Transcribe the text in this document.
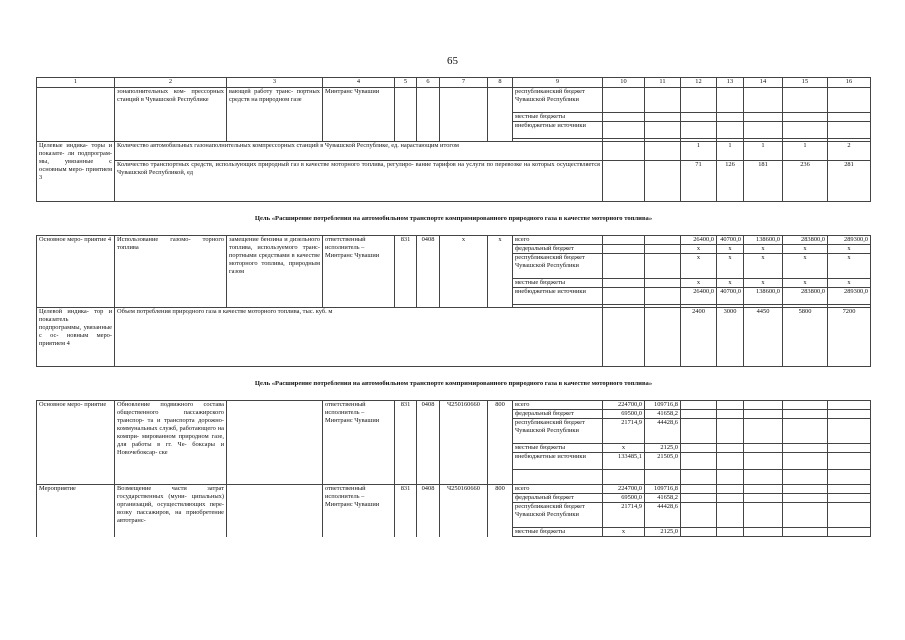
65
1	2	3	4	5	6	7	8	9	10	11	12	13	14	15	16
	зонаполнительных ком- прессорных станций в Чувашской Республике	вающей работу транс- портных средств на природном газе	Минтранс Чувашии					республиканский бюджет Чувашской Республики							
								местные бюджеты							
								внебюджетные источники							

Целевые индика- торы и показате- ли подпрограм- мы, увязанные с основным меро- приятием 3	Количество автомобильных газонаполнительных компрессорных станций в Чувашской Республике, ед. нарастающим итогом										1	1	1	1	2
	Количество транспортных средств, использующих природный газ в качестве моторного топлива, регулиро- вание тарифов на услуги по перевозке на которых осуществляется Чувашской Республикой, ед										71	126	181	236	281

Цель «Расширение потребления на автомобильном транспорте компримированного природного газа в качестве моторного топлива»															

Основное меро- приятие 4	Использование газомо- торного топлива	замещение бензина и дизельного топлива, используемого транс- портными средствами в качестве моторного топлива, природным газом	ответственный исполнитель – Минтранс Чувашии	831	0408	x	x	всего			26400,0	40700,0	138600,0	283800,0	289300,0
								федеральный бюджет			x	x	x	x	x
								республиканский бюджет Чувашской Республики			x	x	x	x	x
								местные бюджеты			x	x	x	x	x
								внебюджетные источники			26400,0	40700,0	138600,0	283800,0	289300,0

Целевой индика- тор и показатель подпрограммы, увязанные с ос- новным меро- приятием 4	Объем потребления природного газа в качестве моторного топлива, тыс. куб. м										2400	3000	4450	5800	7200

Цель «Расширение потребления на автомобильном транспорте компримированного природного газа в качестве моторного топлива»															

Основное меро- приятие	Обновление подвижного состава общественного пассажирского транспор- та и транспорта дорожно- коммунальных служб, работающего на компри- мированном природном газе, для работы в гг. Че- боксары и Новочебоксар- ске		ответственный исполнитель – Минтранс Чувашии	831	0408	Ч250160660	800	всего	224700,0	109716,8					
								федеральный бюджет	69500,0	41658,2					
								республиканский бюджет Чувашской Республики	21714,9	44428,6					
								местные бюджеты	x	2125,0					
								внебюджетные источники	133485,1	21505,0					

Мероприятие	Возмещение части затрат государственных (муни- ципальных) организаций, осуществляющих пере- возку пассажиров, на приобретение автотранс-		ответственный исполнитель – Минтранс Чувашии	831	0408	Ч250160660	800	всего	224700,0	109716,8					
								федеральный бюджет	69500,0	41658,2					
								республиканский бюджет Чувашской Республики	21714,9	44428,6					
								местные бюджеты	x	2125,0					
